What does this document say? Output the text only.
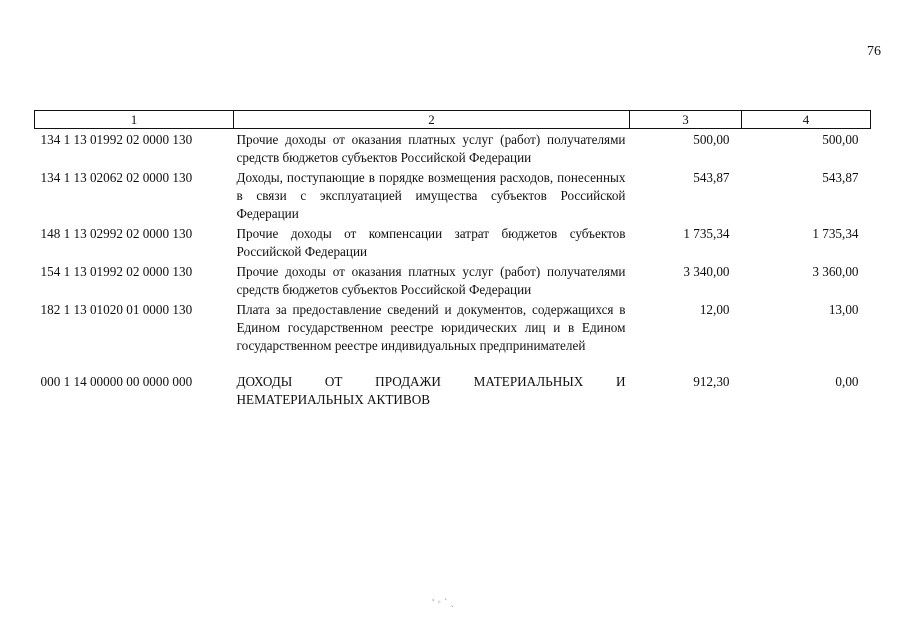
76
1	2	3	4
134 1 13 01992 02 0000 130	Прочие доходы от оказания платных услуг (работ) получателями средств бюджетов субъектов Российской Федерации	500,00	500,00
134 1 13 02062 02 0000 130	Доходы, поступающие в порядке возмещения расходов, понесенных в связи с эксплуатацией имущества субъектов Российской Федерации	543,87	543,87
148 1 13 02992 02 0000 130	Прочие доходы от компенсации затрат бюджетов субъектов Российской Федерации	1 735,34	1 735,34
154 1 13 01992 02 0000 130	Прочие доходы от оказания платных услуг (работ) получателями средств бюджетов субъектов Российской Федерации	3 340,00	3 360,00
182 1 13 01020 01 0000 130	Плата за предоставление сведений и документов, содержащихся в Едином государственном реестре юридических лиц и в Едином государственном реестре индивидуальных предпринимателей	12,00	13,00

000 1 14 00000 00 0000 000	ДОХОДЫ ОТ ПРОДАЖИ МАТЕРИАЛЬНЫХ И НЕМАТЕРИАЛЬНЫХ АКТИВОВ	912,30	0,00
' ◦ ` ˎ
